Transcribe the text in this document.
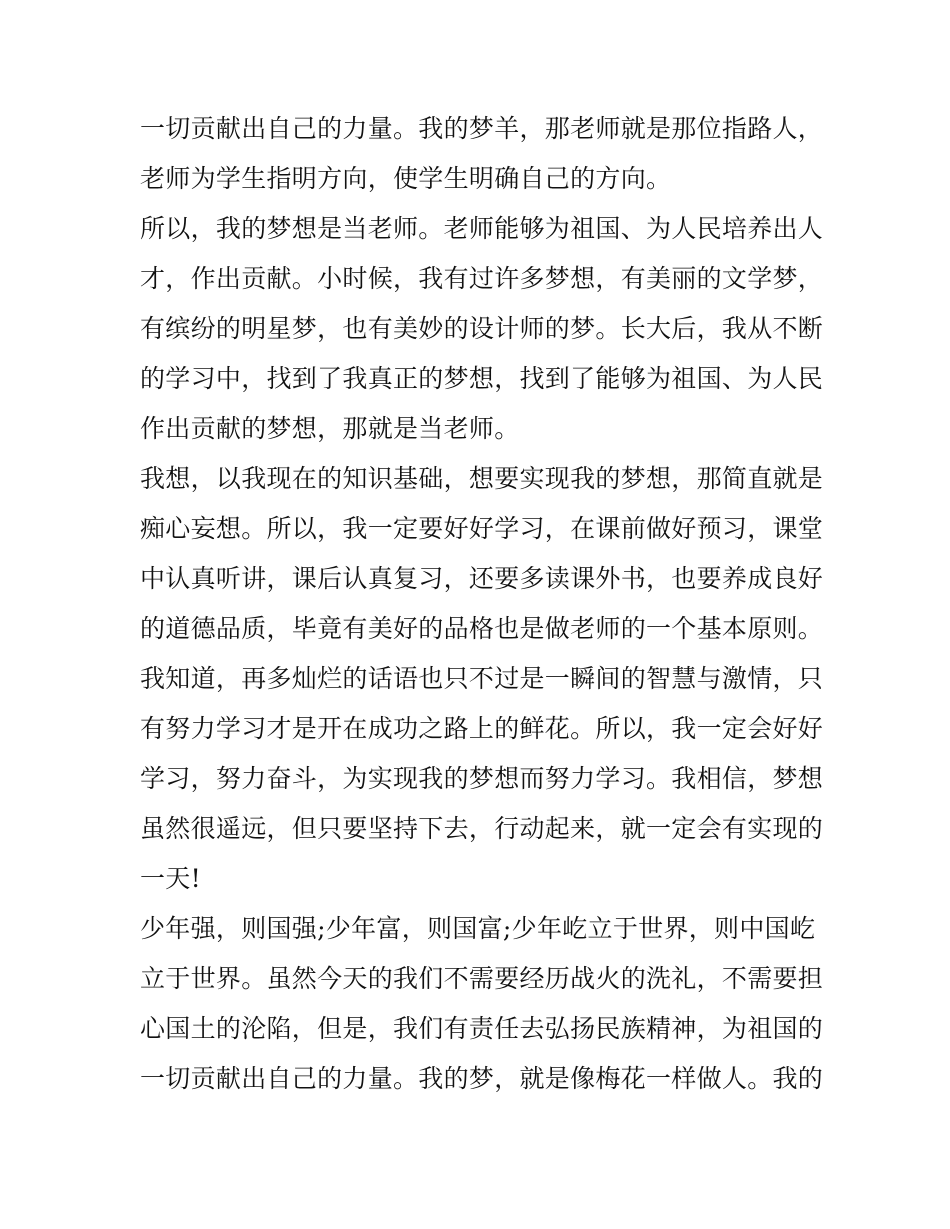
一切贡献出自己的力量。我的梦羊，那老师就是那位指路人，
老师为学生指明方向，使学生明确自己的方向。
所以，我的梦想是当老师。老师能够为祖国、为人民培养出人
才，作出贡献。小时候，我有过许多梦想，有美丽的文学梦，
有缤纷的明星梦，也有美妙的设计师的梦。长大后，我从不断
的学习中，找到了我真正的梦想，找到了能够为祖国、为人民
作出贡献的梦想，那就是当老师。
我想，以我现在的知识基础，想要实现我的梦想，那简直就是
痴心妄想。所以，我一定要好好学习，在课前做好预习，课堂
中认真听讲，课后认真复习，还要多读课外书，也要养成良好
的道德品质，毕竟有美好的品格也是做老师的一个基本原则。
我知道，再多灿烂的话语也只不过是一瞬间的智慧与激情，只
有努力学习才是开在成功之路上的鲜花。所以，我一定会好好
学习，努力奋斗，为实现我的梦想而努力学习。我相信，梦想
虽然很遥远，但只要坚持下去，行动起来，就一定会有实现的
一天!
少年强，则国强;少年富，则国富;少年屹立于世界，则中国屹
立于世界。虽然今天的我们不需要经历战火的洗礼，不需要担
心国土的沦陷，但是，我们有责任去弘扬民族精神，为祖国的
一切贡献出自己的力量。我的梦，就是像梅花一样做人。我的
